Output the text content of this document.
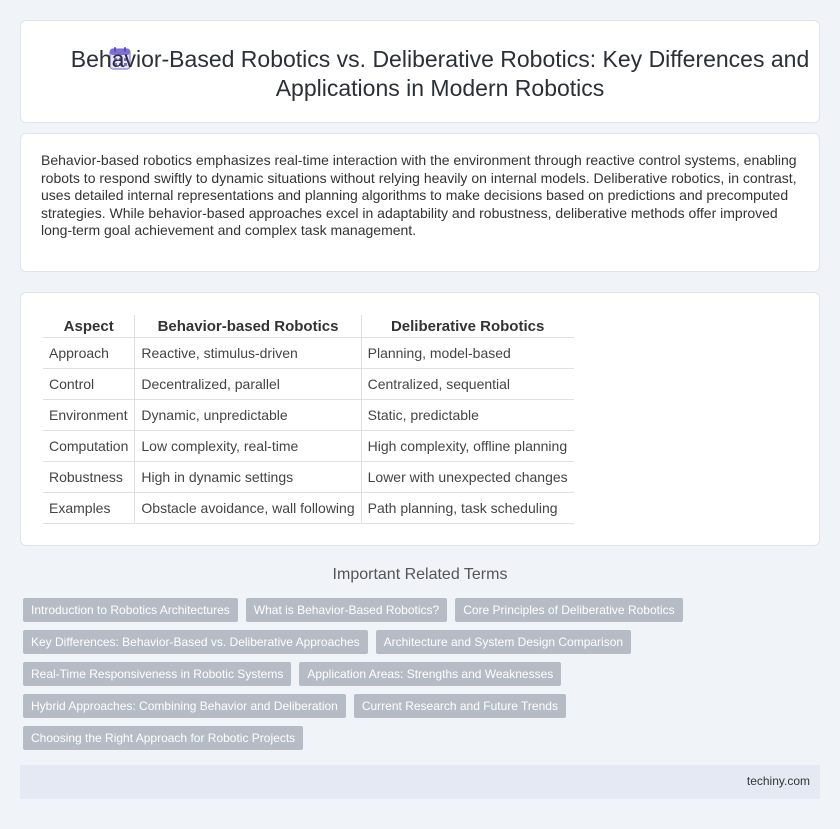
Behavior-Based Robotics vs. Deliberative Robotics: Key Differences and Applications in Modern Robotics

Behavior-based robotics emphasizes real-time interaction with the environment through reactive control systems, enabling robots to respond swiftly to dynamic situations without relying heavily on internal models. Deliberative robotics, in contrast, uses detailed internal representations and planning algorithms to make decisions based on predictions and precomputed strategies. While behavior-based approaches excel in adaptability and robustness, deliberative methods offer improved long-term goal achievement and complex task management.

Aspect	Behavior-based Robotics	Deliberative Robotics
Approach	Reactive, stimulus-driven	Planning, model-based
Control	Decentralized, parallel	Centralized, sequential
Environment	Dynamic, unpredictable	Static, predictable
Computation	Low complexity, real-time	High complexity, offline planning
Robustness	High in dynamic settings	Lower with unexpected changes
Examples	Obstacle avoidance, wall following	Path planning, task scheduling
Important Related Terms
Introduction to Robotics Architectures	What is Behavior-Based Robotics?	Core Principles of Deliberative Robotics
Key Differences: Behavior-Based vs. Deliberative Approaches	Architecture and System Design Comparison
Real-Time Responsiveness in Robotic Systems	Application Areas: Strengths and Weaknesses
Hybrid Approaches: Combining Behavior and Deliberation	Current Research and Future Trends
Choosing the Right Approach for Robotic Projects
techiny.com
